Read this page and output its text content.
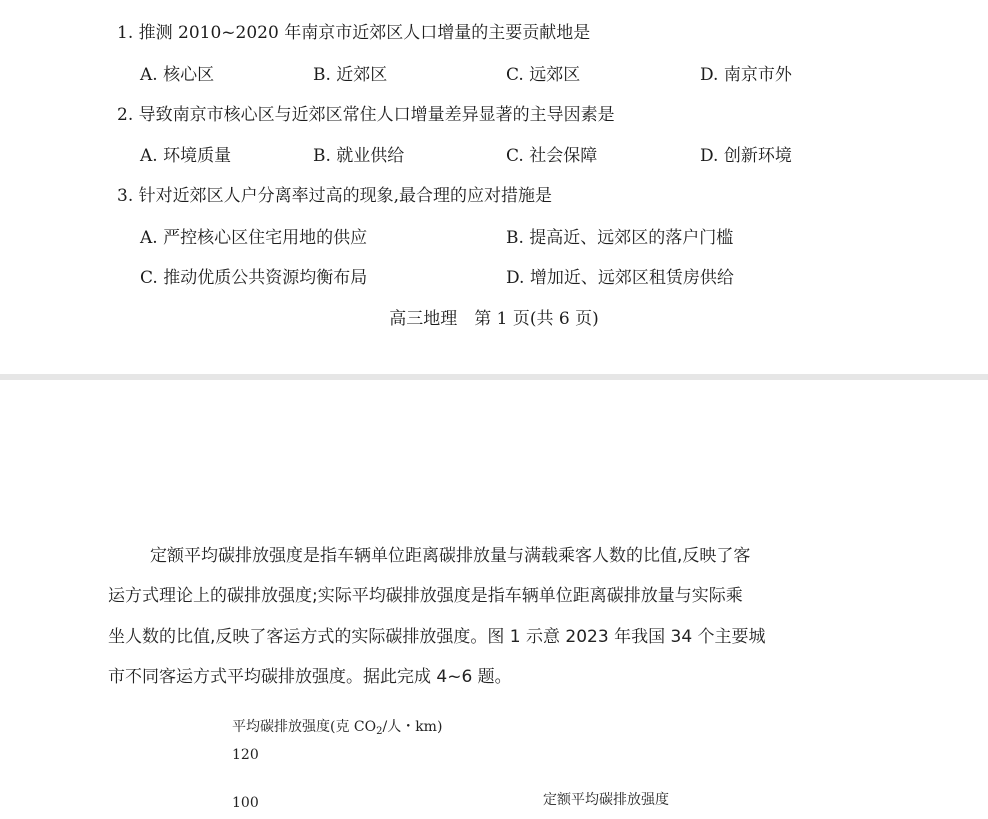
1. 推测 2010~2020 年南京市近郊区人口增量的主要贡献地是
A. 核心区	B. 近郊区	C. 远郊区	D. 南京市外
2. 导致南京市核心区与近郊区常住人口增量差异显著的主导因素是
A. 环境质量	B. 就业供给	C. 社会保障	D. 创新环境
3. 针对近郊区人户分离率过高的现象,最合理的应对措施是
A. 严控核心区住宅用地的供应	B. 提高近、远郊区的落户门槛
C. 推动优质公共资源均衡布局	D. 增加近、远郊区租赁房供给
高三地理　第 1 页(共 6 页)
定额平均碳排放强度是指车辆单位距离碳排放量与满载乘客人数的比值,反映了客
运方式理论上的碳排放强度;实际平均碳排放强度是指车辆单位距离碳排放量与实际乘
坐人数的比值,反映了客运方式的实际碳排放强度。图 1 示意 2023 年我国 34 个主要城
市不同客运方式平均碳排放强度。据此完成 4~6 题。
平均碳排放强度(克 $CO_2/$人・km)
120
100	定额平均碳排放强度
